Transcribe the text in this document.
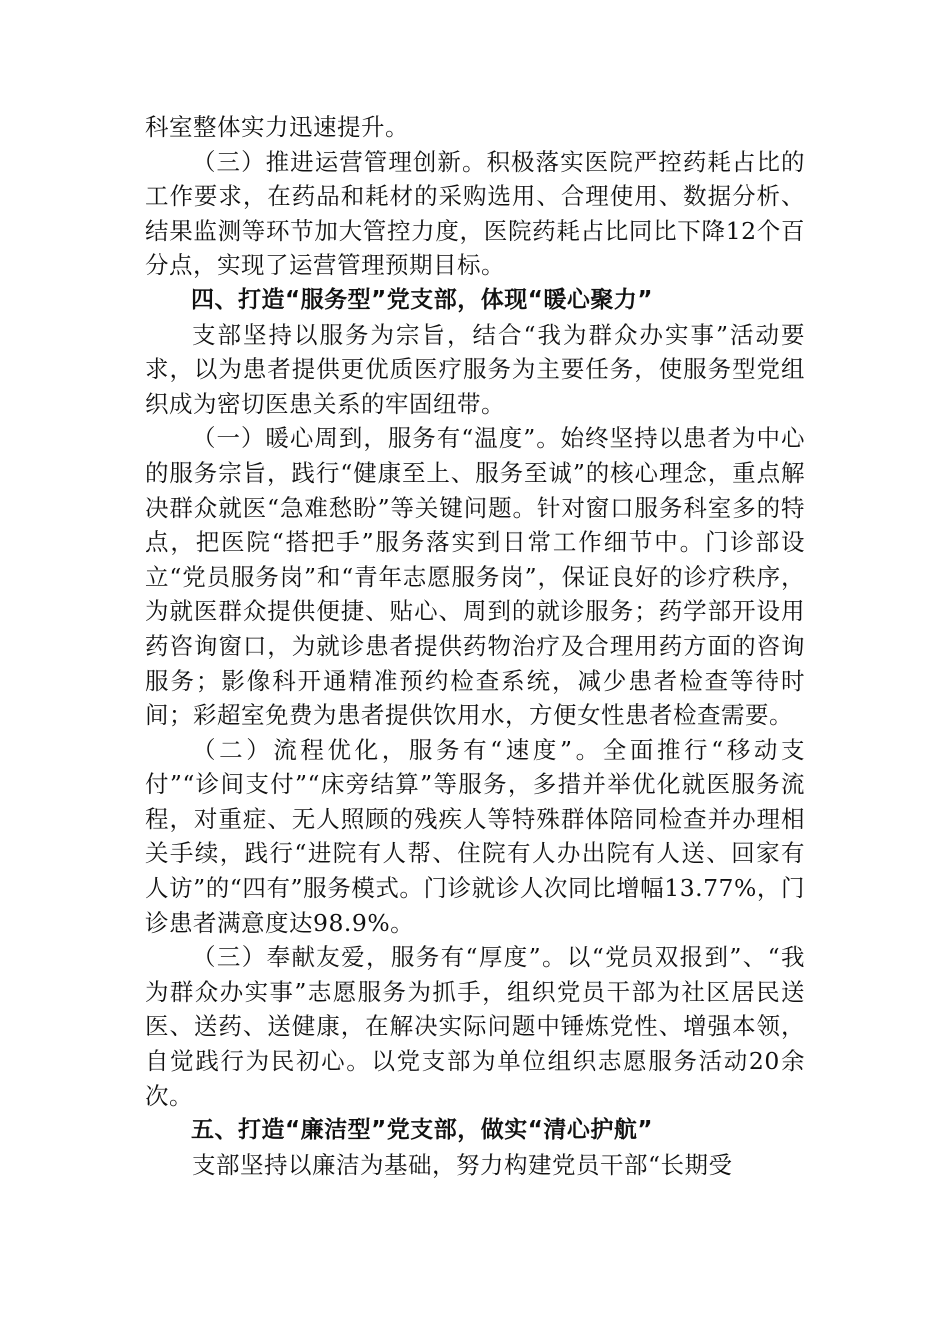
科室整体实力迅速提升。

（三）推进运营管理创新。积极落实医院严控药耗占比的工作要求，在药品和耗材的采购选用、合理使用、数据分析、结果监测等环节加大管控力度，医院药耗占比同比下降12个百分点，实现了运营管理预期目标。

四、打造“服务型”党支部，体现“暖心聚力”

支部坚持以服务为宗旨，结合“我为群众办实事”活动要求，以为患者提供更优质医疗服务为主要任务，使服务型党组织成为密切医患关系的牢固纽带。

（一）暖心周到，服务有“温度”。始终坚持以患者为中心的服务宗旨，践行“健康至上、服务至诚”的核心理念，重点解决群众就医“急难愁盼”等关键问题。针对窗口服务科室多的特点，把医院“搭把手”服务落实到日常工作细节中。门诊部设立“党员服务岗”和“青年志愿服务岗”，保证良好的诊疗秩序，为就医群众提供便捷、贴心、周到的就诊服务；药学部开设用药咨询窗口，为就诊患者提供药物治疗及合理用药方面的咨询服务；影像科开通精准预约检查系统，减少患者检查等待时间；彩超室免费为患者提供饮用水，方便女性患者检查需要。

（二）流程优化，服务有“速度”。全面推行“移动支付”“诊间支付”“床旁结算”等服务，多措并举优化就医服务流程，对重症、无人照顾的残疾人等特殊群体陪同检查并办理相关手续，践行“进院有人帮、住院有人办出院有人送、回家有人访”的“四有”服务模式。门诊就诊人次同比增幅13.77%，门诊患者满意度达98.9%。

（三）奉献友爱，服务有“厚度”。以“党员双报到”、“我为群众办实事”志愿服务为抓手，组织党员干部为社区居民送医、送药、送健康，在解决实际问题中锤炼党性、增强本领，自觉践行为民初心。以党支部为单位组织志愿服务活动20余次。

五、打造“廉洁型”党支部，做实“清心护航”

支部坚持以廉洁为基础，努力构建党员干部“长期受
